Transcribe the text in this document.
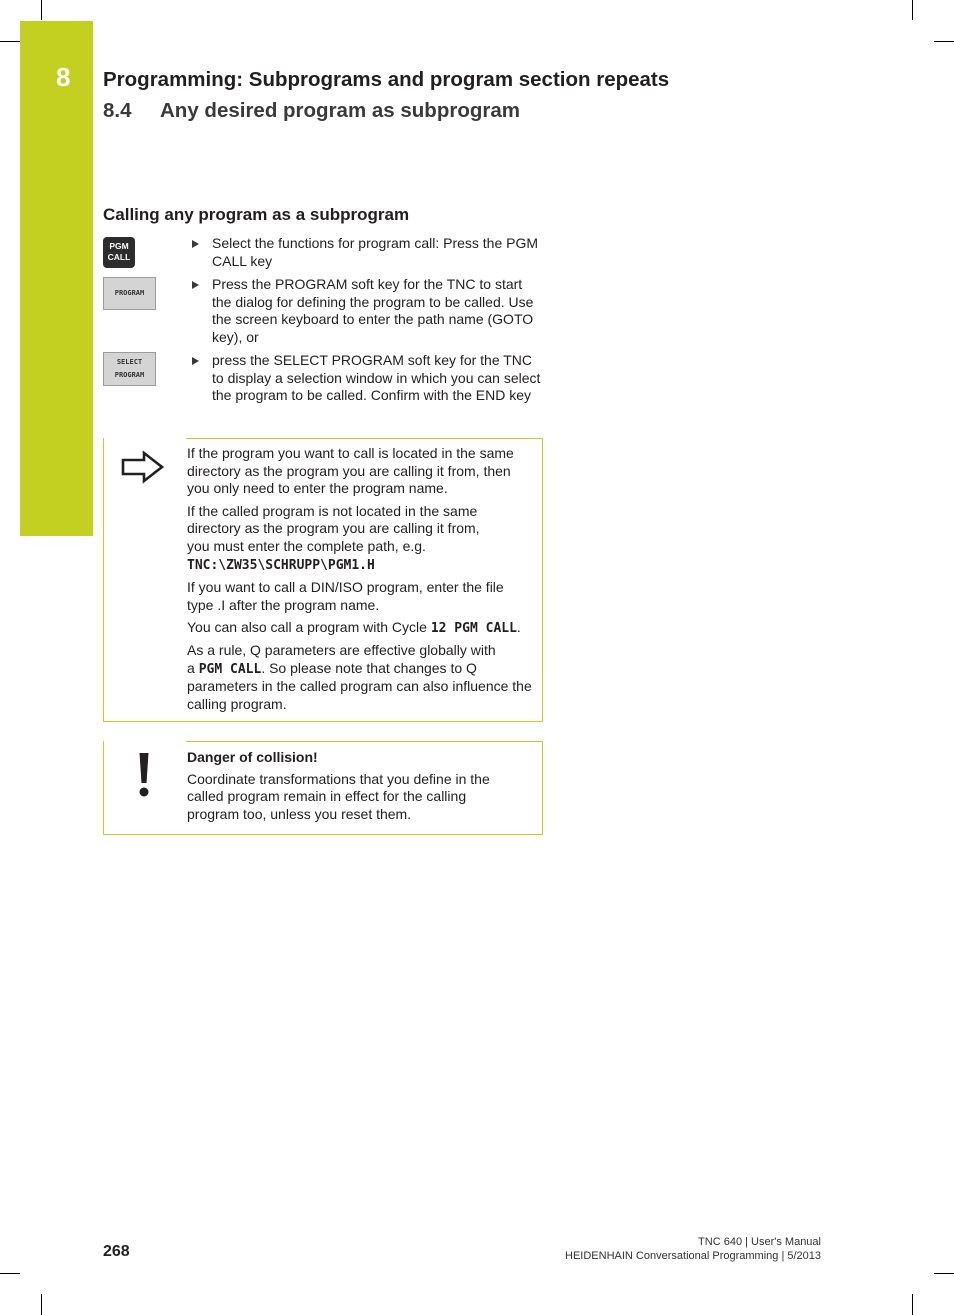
8 Programming: Subprograms and program section repeats
8.4 Any desired program as subprogram
Calling any program as a subprogram
PGM
CALL
PROGRAM
SELECT
PROGRAM
Select the functions for program call: Press the PGM CALL key
Press the PROGRAM soft key for the TNC to start the dialog for defining the program to be called. Use the screen keyboard to enter the path name (GOTO key), or
press the SELECT PROGRAM soft key for the TNC to display a selection window in which you can select the program to be called. Confirm with the END key

If the program you want to call is located in the same directory as the program you are calling it from, then you only need to enter the program name.

If the called program is not located in the same directory as the program you are calling it from,
you must enter the complete path, e.g. TNC:\ZW35\SCHRUPP\PGM1.H

If you want to call a DIN/ISO program, enter the file type .I after the program name.

You can also call a program with Cycle 12 PGM CALL.

As a rule, Q parameters are effective globally with
a PGM CALL. So please note that changes to Q parameters in the called program can also influence the calling program.

Danger of collision!

Coordinate transformations that you define in the called program remain in effect for the calling program too, unless you reset them.

268
TNC 640 | User's Manual
HEIDENHAIN Conversational Programming | 5/2013
